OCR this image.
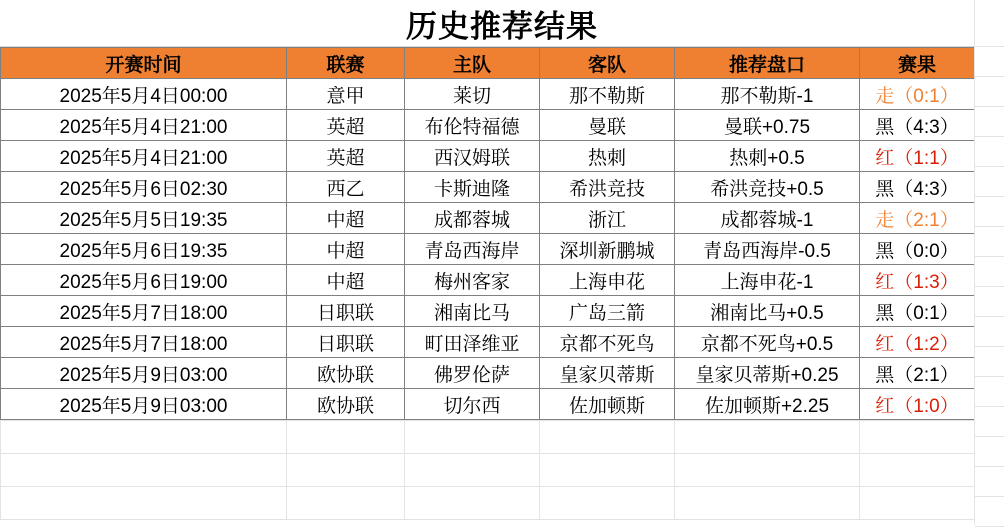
历史推荐结果
开赛时间	联赛	主队	客队	推荐盘口	赛果
2025年5月4日00:00	意甲	莱切	那不勒斯	那不勒斯-1	走（0:1）
2025年5月4日21:00	英超	布伦特福德	曼联	曼联+0.75	黑（4:3）
2025年5月4日21:00	英超	西汉姆联	热刺	热刺+0.5	红（1:1）
2025年5月6日02:30	西乙	卡斯迪隆	希洪竞技	希洪竞技+0.5	黑（4:3）
2025年5月5日19:35	中超	成都蓉城	浙江	成都蓉城-1	走（2:1）
2025年5月6日19:35	中超	青岛西海岸	深圳新鹏城	青岛西海岸-0.5	黑（0:0）
2025年5月6日19:00	中超	梅州客家	上海申花	上海申花-1	红（1:3）
2025年5月7日18:00	日职联	湘南比马	广岛三箭	湘南比马+0.5	黑（0:1）
2025年5月7日18:00	日职联	町田泽维亚	京都不死鸟	京都不死鸟+0.5	红（1:2）
2025年5月9日03:00	欧协联	佛罗伦萨	皇家贝蒂斯	皇家贝蒂斯+0.25	黑（2:1）
2025年5月9日03:00	欧协联	切尔西	佐加顿斯	佐加顿斯+2.25	红（1:0）
